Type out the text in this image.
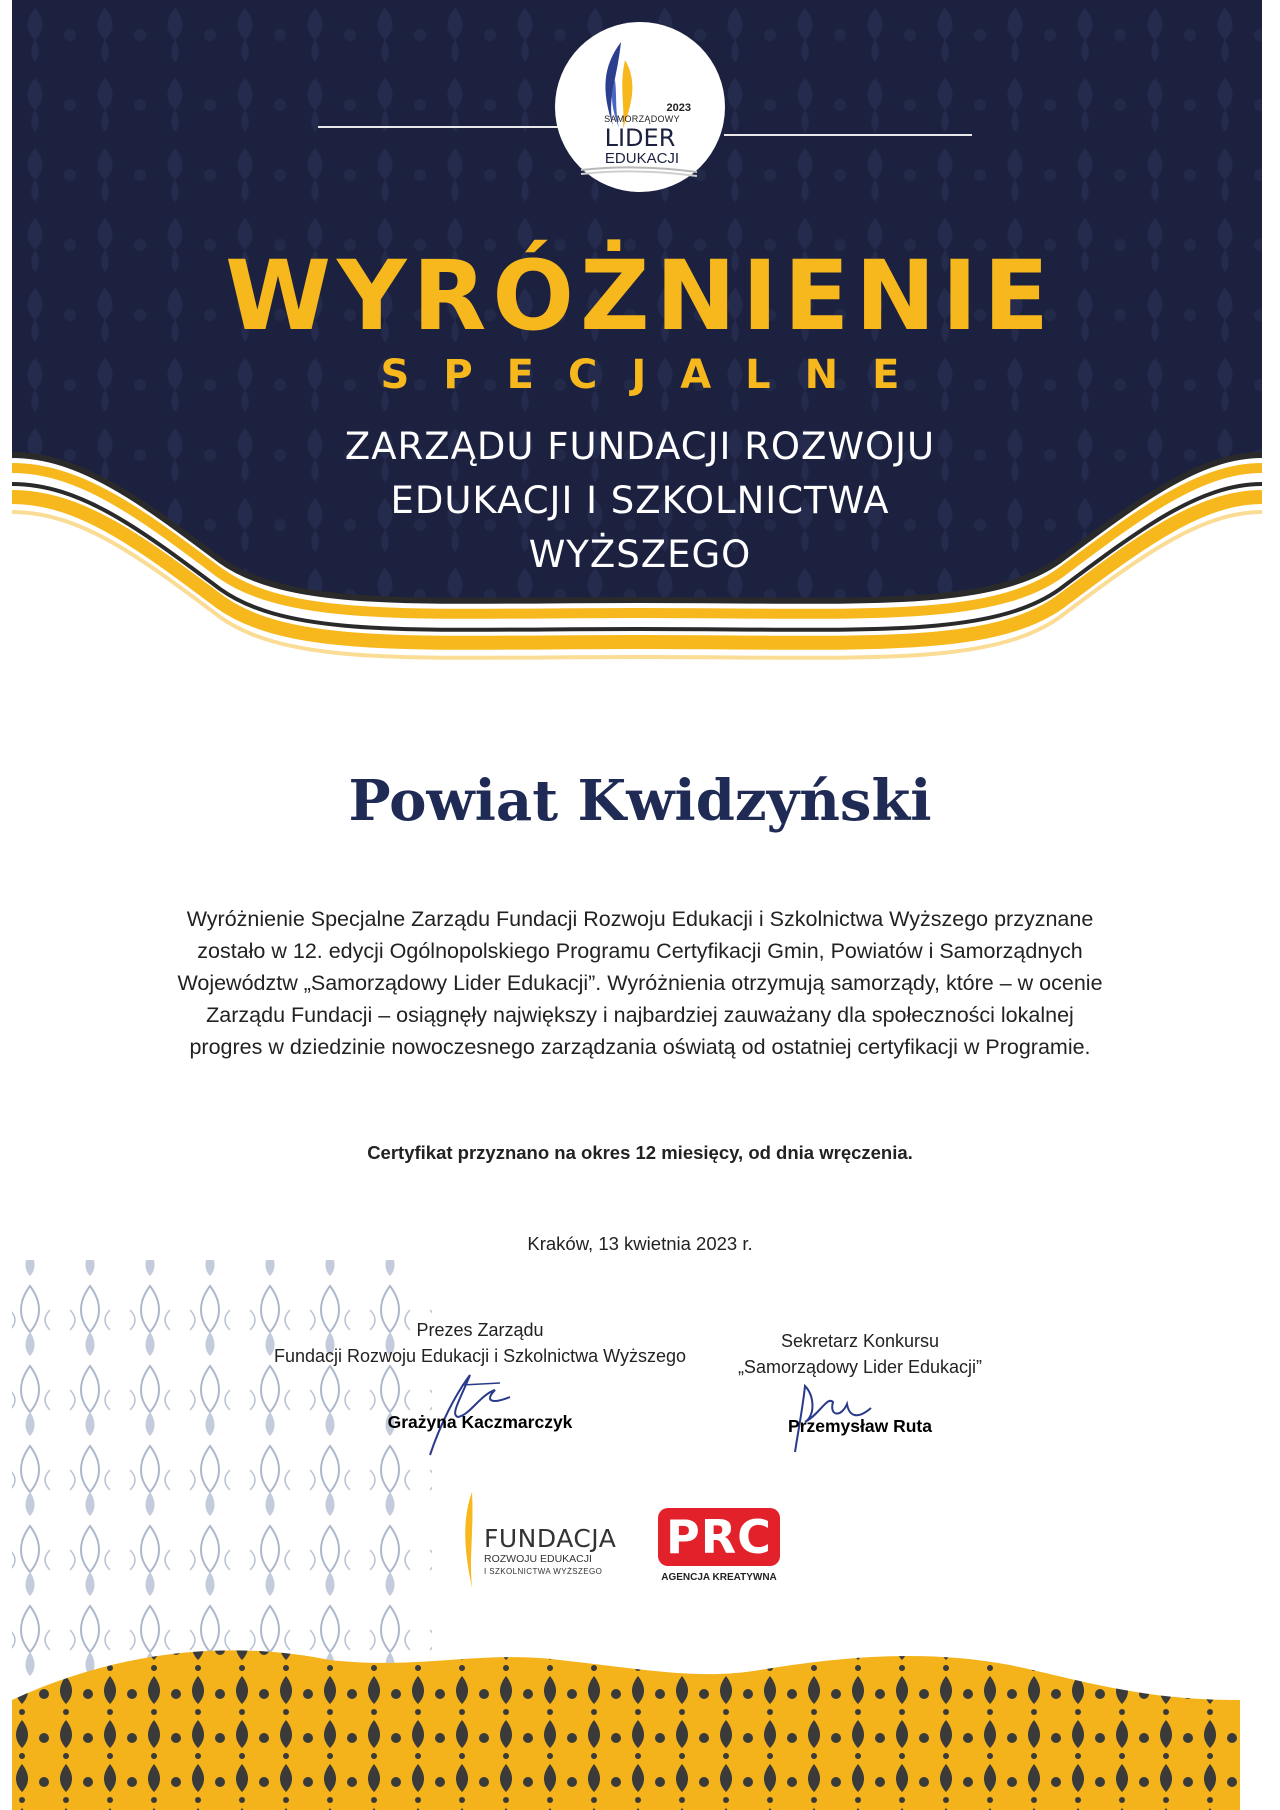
2023
SAMORZĄDOWY
LIDER
EDUKACJI
WYRÓŻNIENIE
SPECJALNE
ZARZĄDU FUNDACJI ROZWOJU
EDUKACJI I SZKOLNICTWA
WYŻSZEGO
Powiat Kwidzyński
Wyróżnienie Specjalne Zarządu Fundacji Rozwoju Edukacji i Szkolnictwa Wyższego przyznane
zostało w 12. edycji Ogólnopolskiego Programu Certyfikacji Gmin, Powiatów i Samorządnych
Województw „Samorządowy Lider Edukacji”. Wyróżnienia otrzymują samorządy, które – w ocenie
Zarządu Fundacji – osiągnęły największy i najbardziej zauważany dla społeczności lokalnej
progres w dziedzinie nowoczesnego zarządzania oświatą od ostatniej certyfikacji w Programie.
Certyfikat przyznano na okres 12 miesięcy, od dnia wręczenia.
Kraków, 13 kwietnia 2023 r.
Prezes Zarządu
Fundacji Rozwoju Edukacji i Szkolnictwa Wyższego
Sekretarz Konkursu
„Samorządowy Lider Edukacji”
Grażyna Kaczmarczyk	Przemysław Ruta
FUNDACJA
ROZWOJU EDUKACJI
I SZKOLNICTWA WYŻSZEGO
PRC
AGENCJA KREATYWNA
